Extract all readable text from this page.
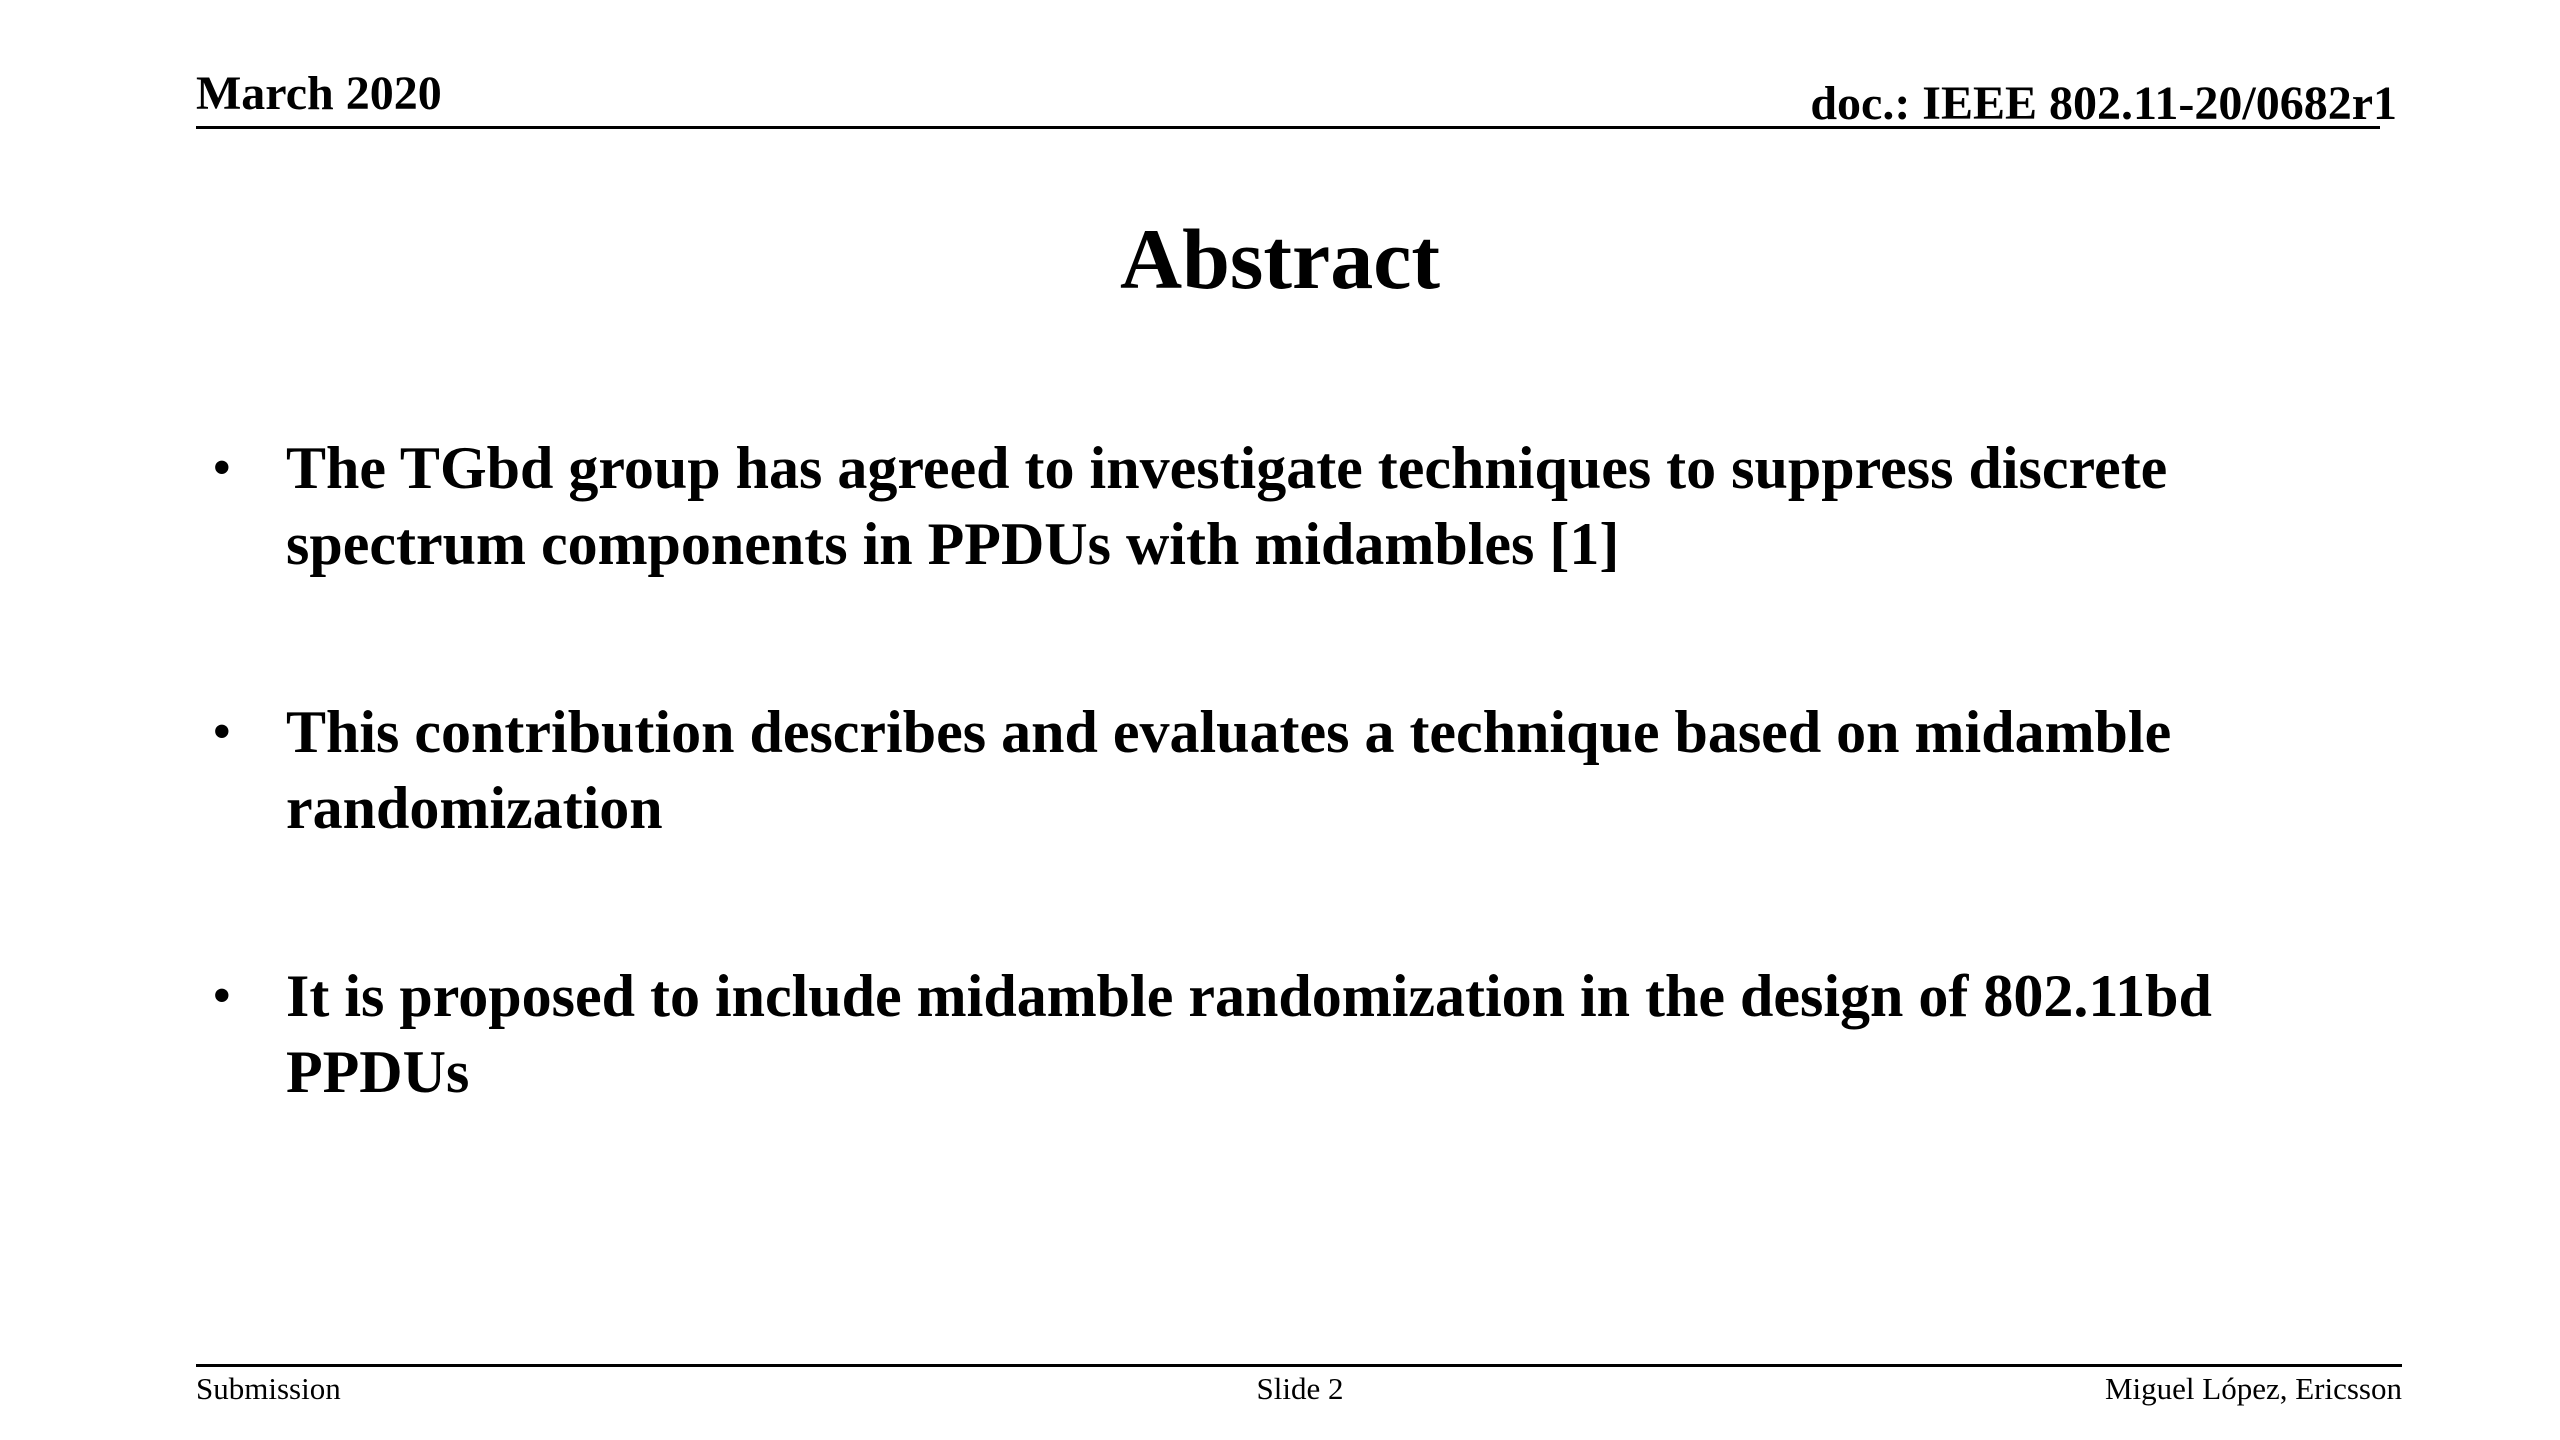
March 2020	doc.: IEEE 802.11-20/0682r1
Abstract
• The TGbd group has agreed to investigate techniques to suppress discrete spectrum components in PPDUs with midambles [1]
• This contribution describes and evaluates a technique based on midamble randomization
• It is proposed to include midamble randomization in the design of 802.11bd PPDUs
Submission	Slide 2	Miguel López, Ericsson
